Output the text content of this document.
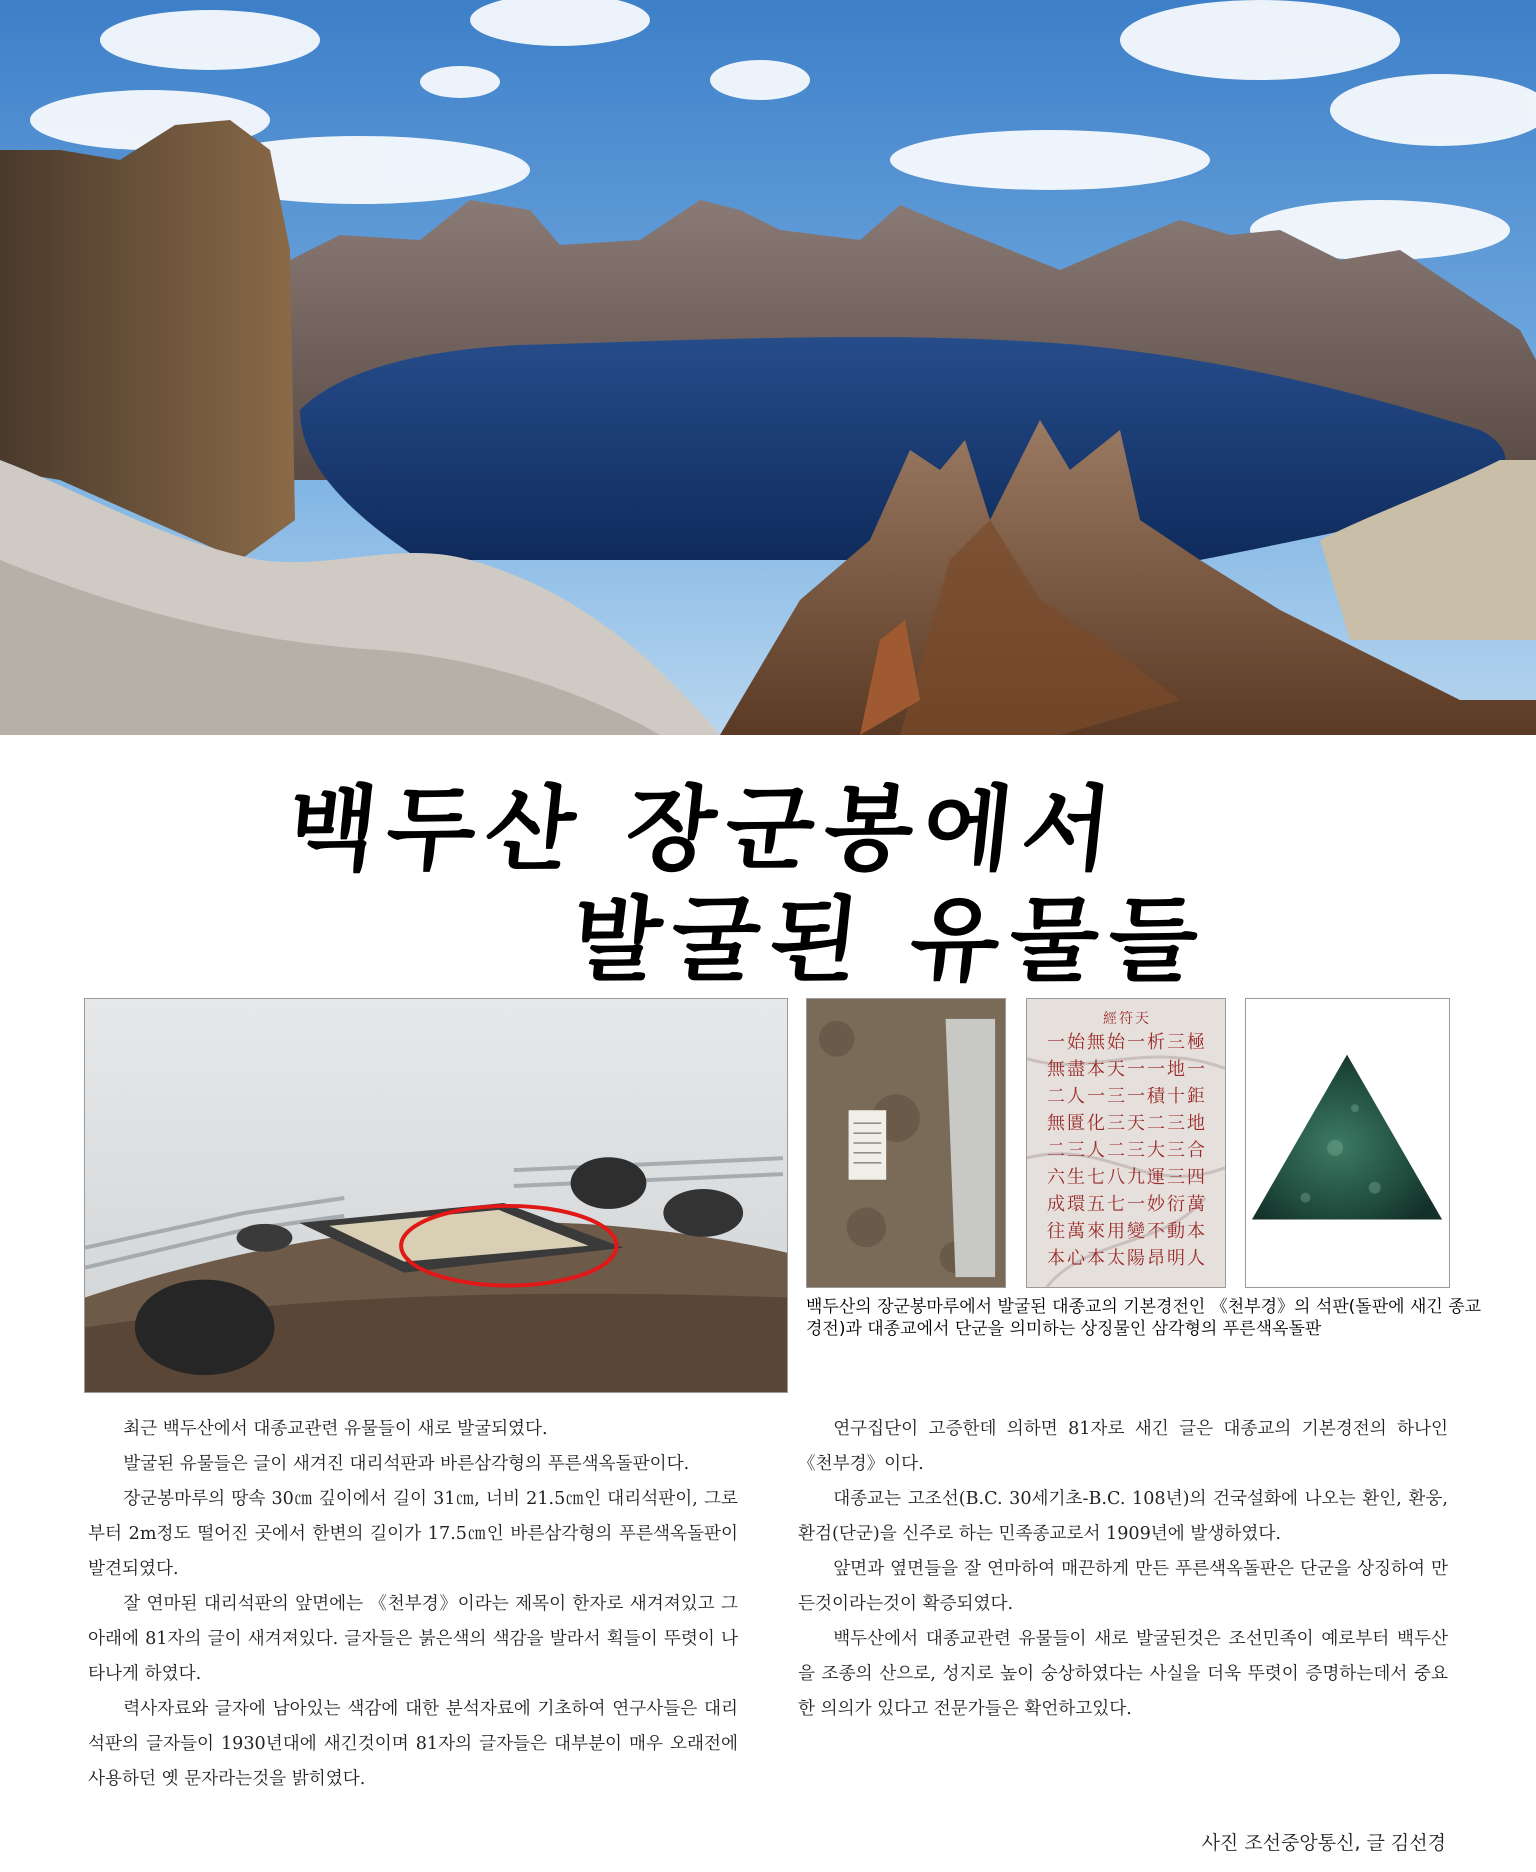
백두산 장군봉에서
발굴된 유물들
經符天
一始無始一析三極
無盡本天一一地一
二人一三一積十鉅
無匱化三天二三地
二三人二三大三合
六生七八九運三四
成環五七一妙衍萬
往萬來用變不動本
本心本太陽昂明人
백두산의 장군봉마루에서 발굴된 대종교의 기본경전인 《천부경》의 석판(돌판에 새긴 종교경전)과 대종교에서 단군을 의미하는 상징물인 삼각형의 푸른색옥돌판

최근 백두산에서 대종교관련 유물들이 새로 발굴되였다.

발굴된 유물들은 글이 새겨진 대리석판과 바른삼각형의 푸른색옥돌판이다.

장군봉마루의 땅속 30㎝ 깊이에서 길이 31㎝, 너비 21.5㎝인 대리석판이, 그로부터 2m정도 떨어진 곳에서 한변의 길이가 17.5㎝인 바른삼각형의 푸른색옥돌판이 발견되였다.

잘 연마된 대리석판의 앞면에는 《천부경》이라는 제목이 한자로 새겨져있고 그아래에 81자의 글이 새겨져있다. 글자들은 붉은색의 색감을 발라서 획들이 뚜렷이 나타나게 하였다.

력사자료와 글자에 남아있는 색감에 대한 분석자료에 기초하여 연구사들은 대리석판의 글자들이 1930년대에 새긴것이며 81자의 글자들은 대부분이 매우 오래전에 사용하던 옛 문자라는것을 밝히였다.

연구집단이 고증한데 의하면 81자로 새긴 글은 대종교의 기본경전의 하나인 《천부경》이다.

대종교는 고조선(B.C. 30세기초-B.C. 108년)의 건국설화에 나오는 환인, 환웅, 환검(단군)을 신주로 하는 민족종교로서 1909년에 발생하였다.

앞면과 옆면들을 잘 연마하여 매끈하게 만든 푸른색옥돌판은 단군을 상징하여 만든것이라는것이 확증되였다.

백두산에서 대종교관련 유물들이 새로 발굴된것은 조선민족이 예로부터 백두산을 조종의 산으로, 성지로 높이 숭상하였다는 사실을 더욱 뚜렷이 증명하는데서 중요한 의의가 있다고 전문가들은 확언하고있다.

사진 조선중앙통신, 글 김선경
